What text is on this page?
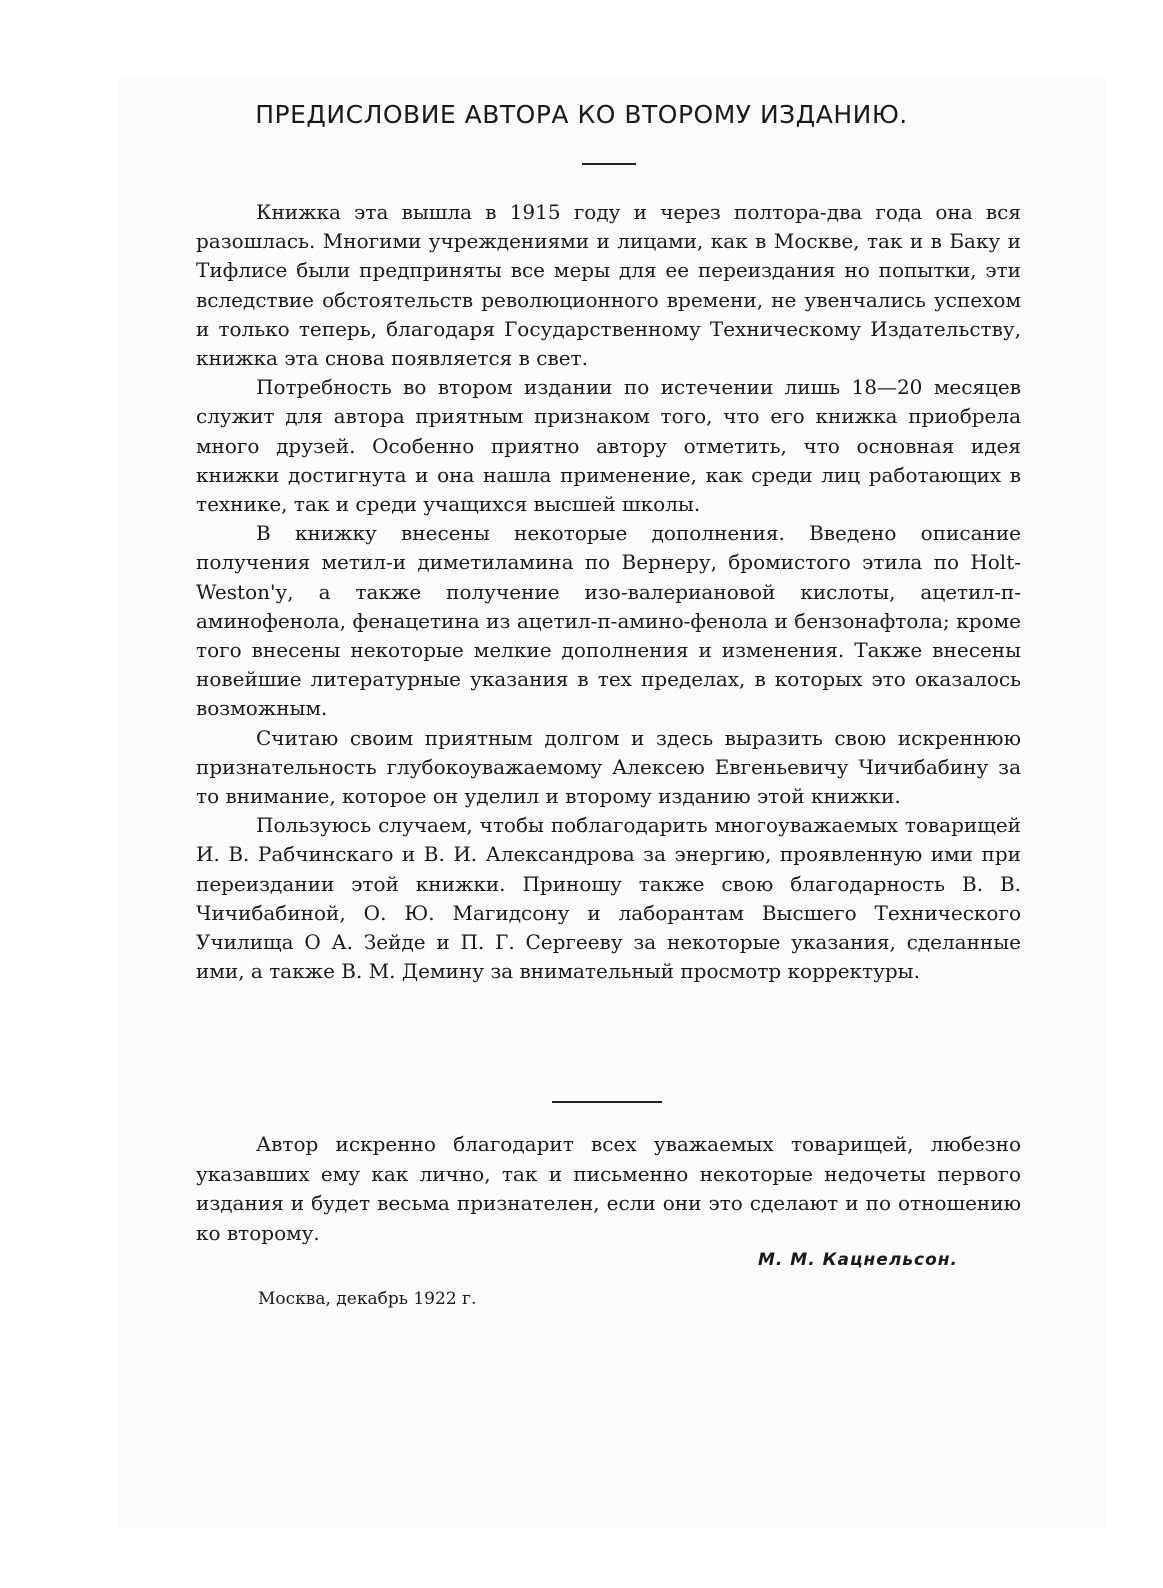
ПРЕДИСЛОВИЕ АВТОРА КО ВТОРОМУ ИЗДАНИЮ.

Книжка эта вышла в 1915 году и через полтора-два года она вся разошлась. Многими учреждениями и лицами, как в Москве, так и в Баку и Тифлисе были предприняты все меры для ее переиздания но попытки, эти вследствие обстоятельств революционного времени, не увенчались успехом и только теперь, благодаря Государственному Техническому Издательству, книжка эта снова появляется в свет.

Потребность во втором издании по истечении лишь 18—20 месяцев служит для автора приятным признаком того, что его книжка приобрела много друзей. Особенно приятно автору отметить, что основная идея книжки достигнута и она нашла применение, как среди лиц работающих в технике, так и среди учащихся высшей школы.

В книжку внесены некоторые дополнения. Введено описание получения метил-и диметиламина по Вернеру, бромистого этила по Holt-Weston'у, а также получение изо-валериановой кислоты, ацетил-п-аминофенола, фенацетина из ацетил-п-амино-фенола и бензонафтола; кроме того внесены некоторые мелкие дополнения и изменения. Также внесены новейшие литературные указания в тех пределах, в которых это оказалось возможным.

Считаю своим приятным долгом и здесь выразить свою искреннюю признательность глубокоуважаемому Алексею Евгеньевичу Чичибабину за то внимание, которое он уделил и второму изданию этой книжки.

Пользуюсь случаем, чтобы поблагодарить многоуважаемых товарищей И. В. Рабчинскаго и В. И. Александрова за энергию, проявленную ими при переиздании этой книжки. Приношу также свою благодарность В. В. Чичибабиной, О. Ю. Магидсону и лаборантам Высшего Технического Училища О А. Зейде и П. Г. Сергееву за некоторые указания, сделанные ими, а также В. М. Демину за внимательный просмотр корректуры.

Автор искренно благодарит всех уважаемых товарищей, любезно указавших ему как лично, так и письменно некоторые недочеты первого издания и будет весьма признателен, если они это сделают и по отношению ко второму.

М. М. Кацнельсон.
Москва, декабрь 1922 г.
